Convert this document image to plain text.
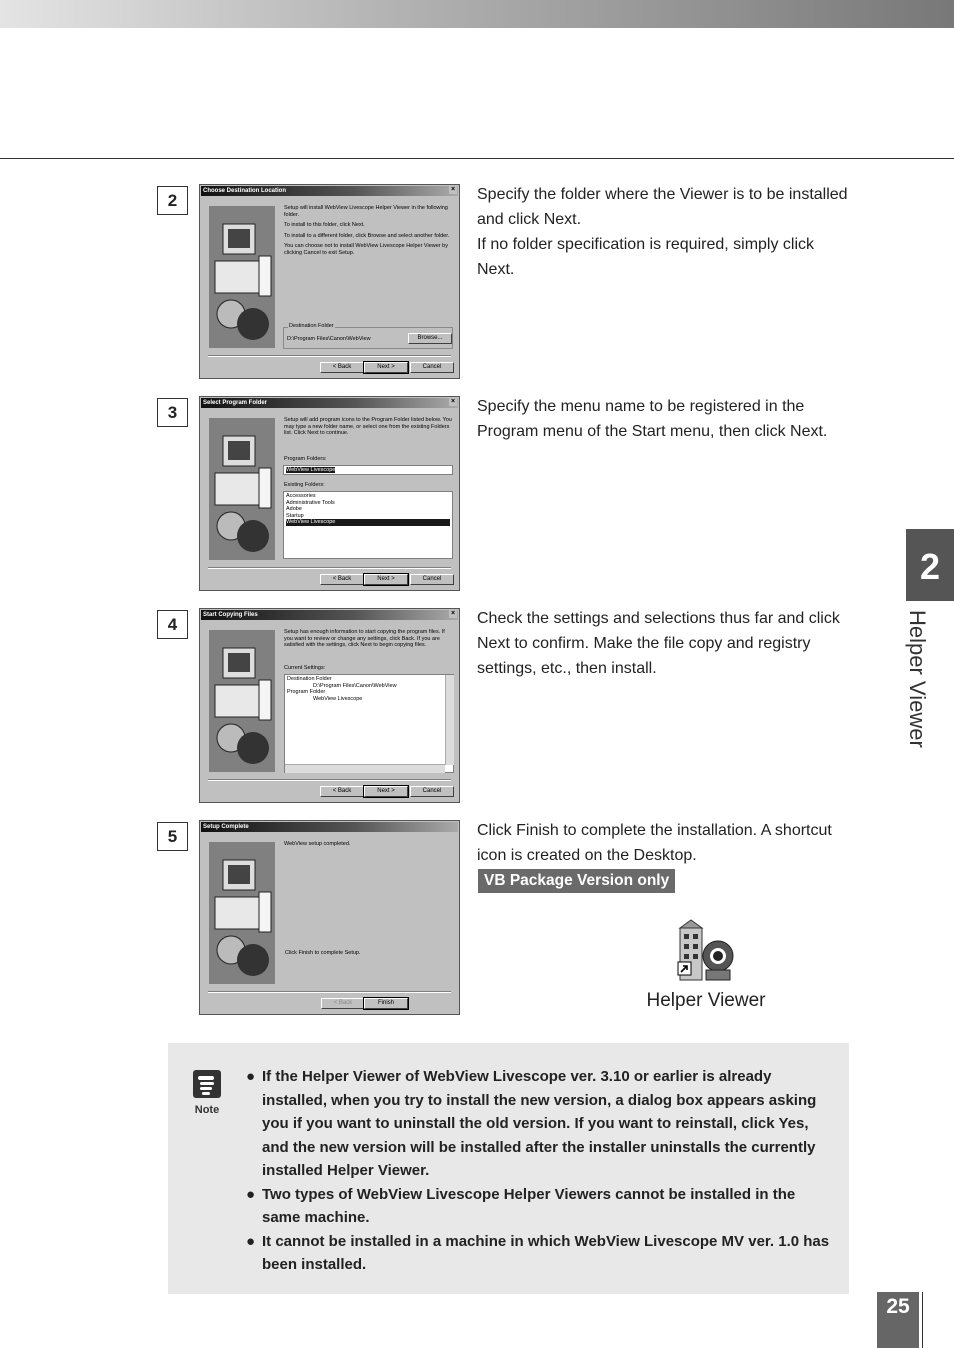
2	Choose Destination Location	×

Setup will install WebView Livescope Helper Viewer in the following folder.

To install to this folder, click Next.

To install to a different folder, click Browse and select another folder.

You can choose not to install WebView Livescope Helper Viewer by clicking Cancel to exit Setup.

Destination Folder
D:\Program Files\Canon\WebView	Browse...
< Back	Next >	Cancel
Specify the folder where the Viewer is to be installed and click Next.
If no folder specification is required, simply click Next.
3	Select Program Folder	×

Setup will add program icons to the Program Folder listed below. You may type a new folder name, or select one from the existing Folders list. Click Next to continue.

Program Folders:
WebView Livescope
Existing Folders:
Accessories
Administrative Tools
Adobe
Startup
WebView Livescope
< Back	Next >	Cancel
Specify the menu name to be registered in the Program menu of the Start menu, then click Next.
4	Start Copying Files	×

Setup has enough information to start copying the program files. If you want to review or change any settings, click Back. If you are satisfied with the settings, click Next to begin copying files.

Current Settings:
Destination Folder
D:\Program Files\Canon\WebView
Program Folder
WebView Livescope
< Back	Next >	Cancel
Check the settings and selections thus far and click Next to confirm. Make the file copy and registry settings, etc., then install.
5	Setup Complete

WebView setup completed.

Click Finish to complete Setup.
< Back	Finish
Click Finish to complete the installation. A shortcut icon is created on the Desktop.
VB Package Version only
Helper Viewer
Note
● If the Helper Viewer of WebView Livescope ver. 3.10 or earlier is already installed, when you try to install the new version, a dialog box appears asking you if you want to uninstall the old version. If you want to reinstall, click Yes, and the new version will be installed after the installer uninstalls the currently installed Helper Viewer.
● Two types of WebView Livescope Helper Viewers cannot be installed in the same machine.
● It cannot be installed in a machine in which WebView Livescope MV ver. 1.0 has been installed.
2
Helper Viewer
25
